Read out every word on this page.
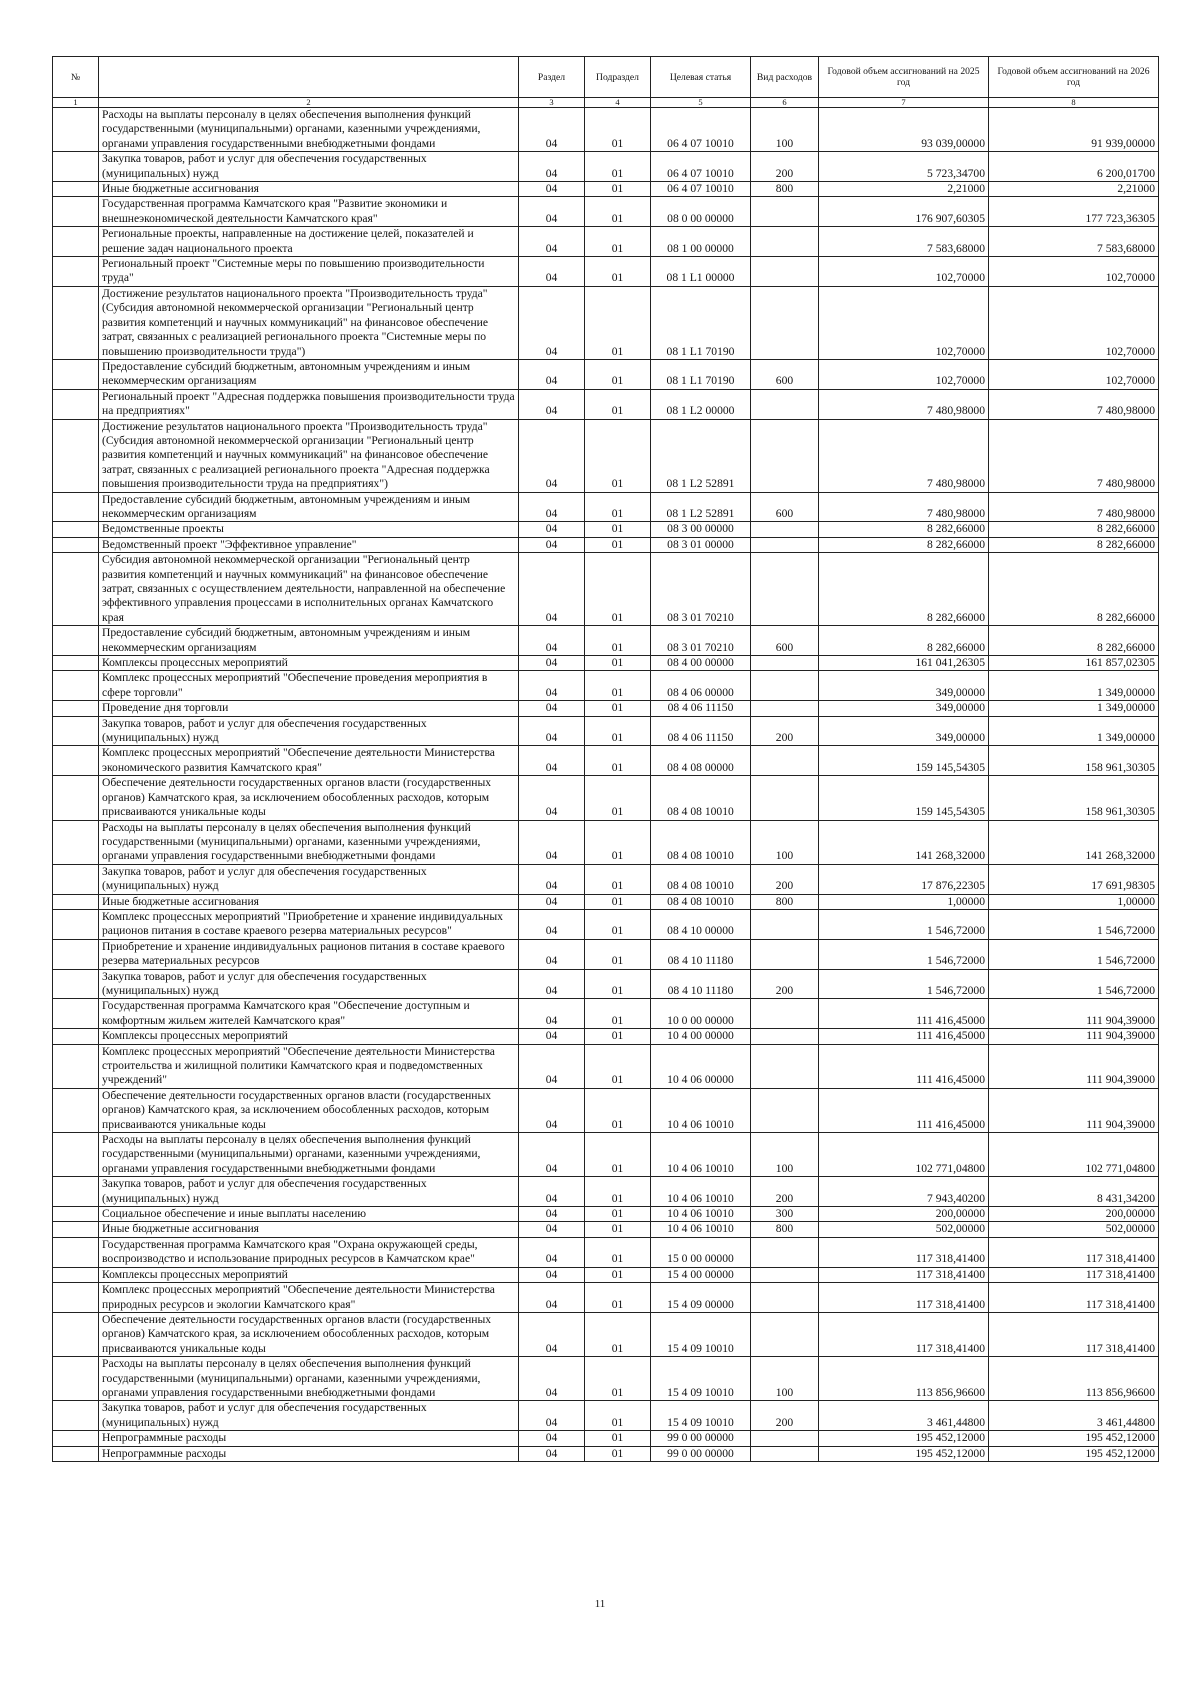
№		Раздел	Подраздел	Целевая статья	Вид расходов	Годовой объем ассигнований на 2025 год	Годовой объем ассигнований на 2026 год
1	2	3	4	5	6	7	8
	Расходы на выплаты персоналу в целях обеспечения выполнения функций государственными (муниципальными) органами, казенными учреждениями, органами управления государственными внебюджетными фондами	04	01	06 4 07 10010	100	93 039,00000	91 939,00000
	Закупка товаров, работ и услуг для обеспечения государственных (муниципальных) нужд	04	01	06 4 07 10010	200	5 723,34700	6 200,01700
	Иные бюджетные ассигнования	04	01	06 4 07 10010	800	2,21000	2,21000
	Государственная программа Камчатского края "Развитие экономики и внешнеэкономической деятельности Камчатского края"	04	01	08 0 00 00000		176 907,60305	177 723,36305
	Региональные проекты, направленные на достижение целей, показателей и решение задач национального проекта	04	01	08 1 00 00000		7 583,68000	7 583,68000
	Региональный проект "Системные меры по повышению производительности труда"	04	01	08 1 L1 00000		102,70000	102,70000
	Достижение результатов национального проекта "Производительность труда" (Субсидия автономной некоммерческой организации "Региональный центр развития компетенций и научных коммуникаций" на финансовое обеспечение затрат, связанных с реализацией регионального проекта "Системные меры по повышению производительности труда")	04	01	08 1 L1 70190		102,70000	102,70000
	Предоставление субсидий бюджетным, автономным учреждениям и иным некоммерческим организациям	04	01	08 1 L1 70190	600	102,70000	102,70000
	Региональный проект "Адресная поддержка повышения производительности труда на предприятиях"	04	01	08 1 L2 00000		7 480,98000	7 480,98000
	Достижение результатов национального проекта "Производительность труда" (Субсидия автономной некоммерческой организации "Региональный центр развития компетенций и научных коммуникаций" на финансовое обеспечение затрат, связанных с реализацией регионального проекта "Адресная поддержка повышения производительности труда на предприятиях")	04	01	08 1 L2 52891		7 480,98000	7 480,98000
	Предоставление субсидий бюджетным, автономным учреждениям и иным некоммерческим организациям	04	01	08 1 L2 52891	600	7 480,98000	7 480,98000
	Ведомственные проекты	04	01	08 3 00 00000		8 282,66000	8 282,66000
	Ведомственный проект "Эффективное управление"	04	01	08 3 01 00000		8 282,66000	8 282,66000
	Субсидия автономной некоммерческой организации "Региональный центр развития компетенций и научных коммуникаций" на финансовое обеспечение затрат, связанных с осуществлением деятельности, направленной на обеспечение эффективного управления процессами в исполнительных органах Камчатского края	04	01	08 3 01 70210		8 282,66000	8 282,66000
	Предоставление субсидий бюджетным, автономным учреждениям и иным некоммерческим организациям	04	01	08 3 01 70210	600	8 282,66000	8 282,66000
	Комплексы процессных мероприятий	04	01	08 4 00 00000		161 041,26305	161 857,02305
	Комплекс процессных мероприятий "Обеспечение проведения мероприятия в сфере торговли"	04	01	08 4 06 00000		349,00000	1 349,00000
	Проведение дня торговли	04	01	08 4 06 11150		349,00000	1 349,00000
	Закупка товаров, работ и услуг для обеспечения государственных (муниципальных) нужд	04	01	08 4 06 11150	200	349,00000	1 349,00000
	Комплекс процессных мероприятий "Обеспечение деятельности Министерства экономического развития Камчатского края"	04	01	08 4 08 00000		159 145,54305	158 961,30305
	Обеспечение деятельности государственных органов власти (государственных органов) Камчатского края, за исключением обособленных расходов, которым присваиваются уникальные коды	04	01	08 4 08 10010		159 145,54305	158 961,30305
	Расходы на выплаты персоналу в целях обеспечения выполнения функций государственными (муниципальными) органами, казенными учреждениями, органами управления государственными внебюджетными фондами	04	01	08 4 08 10010	100	141 268,32000	141 268,32000
	Закупка товаров, работ и услуг для обеспечения государственных (муниципальных) нужд	04	01	08 4 08 10010	200	17 876,22305	17 691,98305
	Иные бюджетные ассигнования	04	01	08 4 08 10010	800	1,00000	1,00000
	Комплекс процессных мероприятий "Приобретение и хранение индивидуальных рационов питания в составе краевого резерва материальных ресурсов"	04	01	08 4 10 00000		1 546,72000	1 546,72000
	Приобретение и хранение индивидуальных рационов питания в составе краевого резерва материальных ресурсов	04	01	08 4 10 11180		1 546,72000	1 546,72000
	Закупка товаров, работ и услуг для обеспечения государственных (муниципальных) нужд	04	01	08 4 10 11180	200	1 546,72000	1 546,72000
	Государственная программа Камчатского края "Обеспечение доступным и комфортным жильем жителей Камчатского края"	04	01	10 0 00 00000		111 416,45000	111 904,39000
	Комплексы процессных мероприятий	04	01	10 4 00 00000		111 416,45000	111 904,39000
	Комплекс процессных мероприятий "Обеспечение деятельности Министерства строительства и жилищной политики Камчатского края и подведомственных учреждений"	04	01	10 4 06 00000		111 416,45000	111 904,39000
	Обеспечение деятельности государственных органов власти (государственных органов) Камчатского края, за исключением обособленных расходов, которым присваиваются уникальные коды	04	01	10 4 06 10010		111 416,45000	111 904,39000
	Расходы на выплаты персоналу в целях обеспечения выполнения функций государственными (муниципальными) органами, казенными учреждениями, органами управления государственными внебюджетными фондами	04	01	10 4 06 10010	100	102 771,04800	102 771,04800
	Закупка товаров, работ и услуг для обеспечения государственных (муниципальных) нужд	04	01	10 4 06 10010	200	7 943,40200	8 431,34200
	Социальное обеспечение и иные выплаты населению	04	01	10 4 06 10010	300	200,00000	200,00000
	Иные бюджетные ассигнования	04	01	10 4 06 10010	800	502,00000	502,00000
	Государственная программа Камчатского края "Охрана окружающей среды, воспроизводство и использование природных ресурсов в Камчатском крае"	04	01	15 0 00 00000		117 318,41400	117 318,41400
	Комплексы процессных мероприятий	04	01	15 4 00 00000		117 318,41400	117 318,41400
	Комплекс процессных мероприятий "Обеспечение деятельности Министерства природных ресурсов и экологии Камчатского края"	04	01	15 4 09 00000		117 318,41400	117 318,41400
	Обеспечение деятельности государственных органов власти (государственных органов) Камчатского края, за исключением обособленных расходов, которым присваиваются уникальные коды	04	01	15 4 09 10010		117 318,41400	117 318,41400
	Расходы на выплаты персоналу в целях обеспечения выполнения функций государственными (муниципальными) органами, казенными учреждениями, органами управления государственными внебюджетными фондами	04	01	15 4 09 10010	100	113 856,96600	113 856,96600
	Закупка товаров, работ и услуг для обеспечения государственных (муниципальных) нужд	04	01	15 4 09 10010	200	3 461,44800	3 461,44800
	Непрограммные расходы	04	01	99 0 00 00000		195 452,12000	195 452,12000
	Непрограммные расходы	04	01	99 0 00 00000		195 452,12000	195 452,12000
11
